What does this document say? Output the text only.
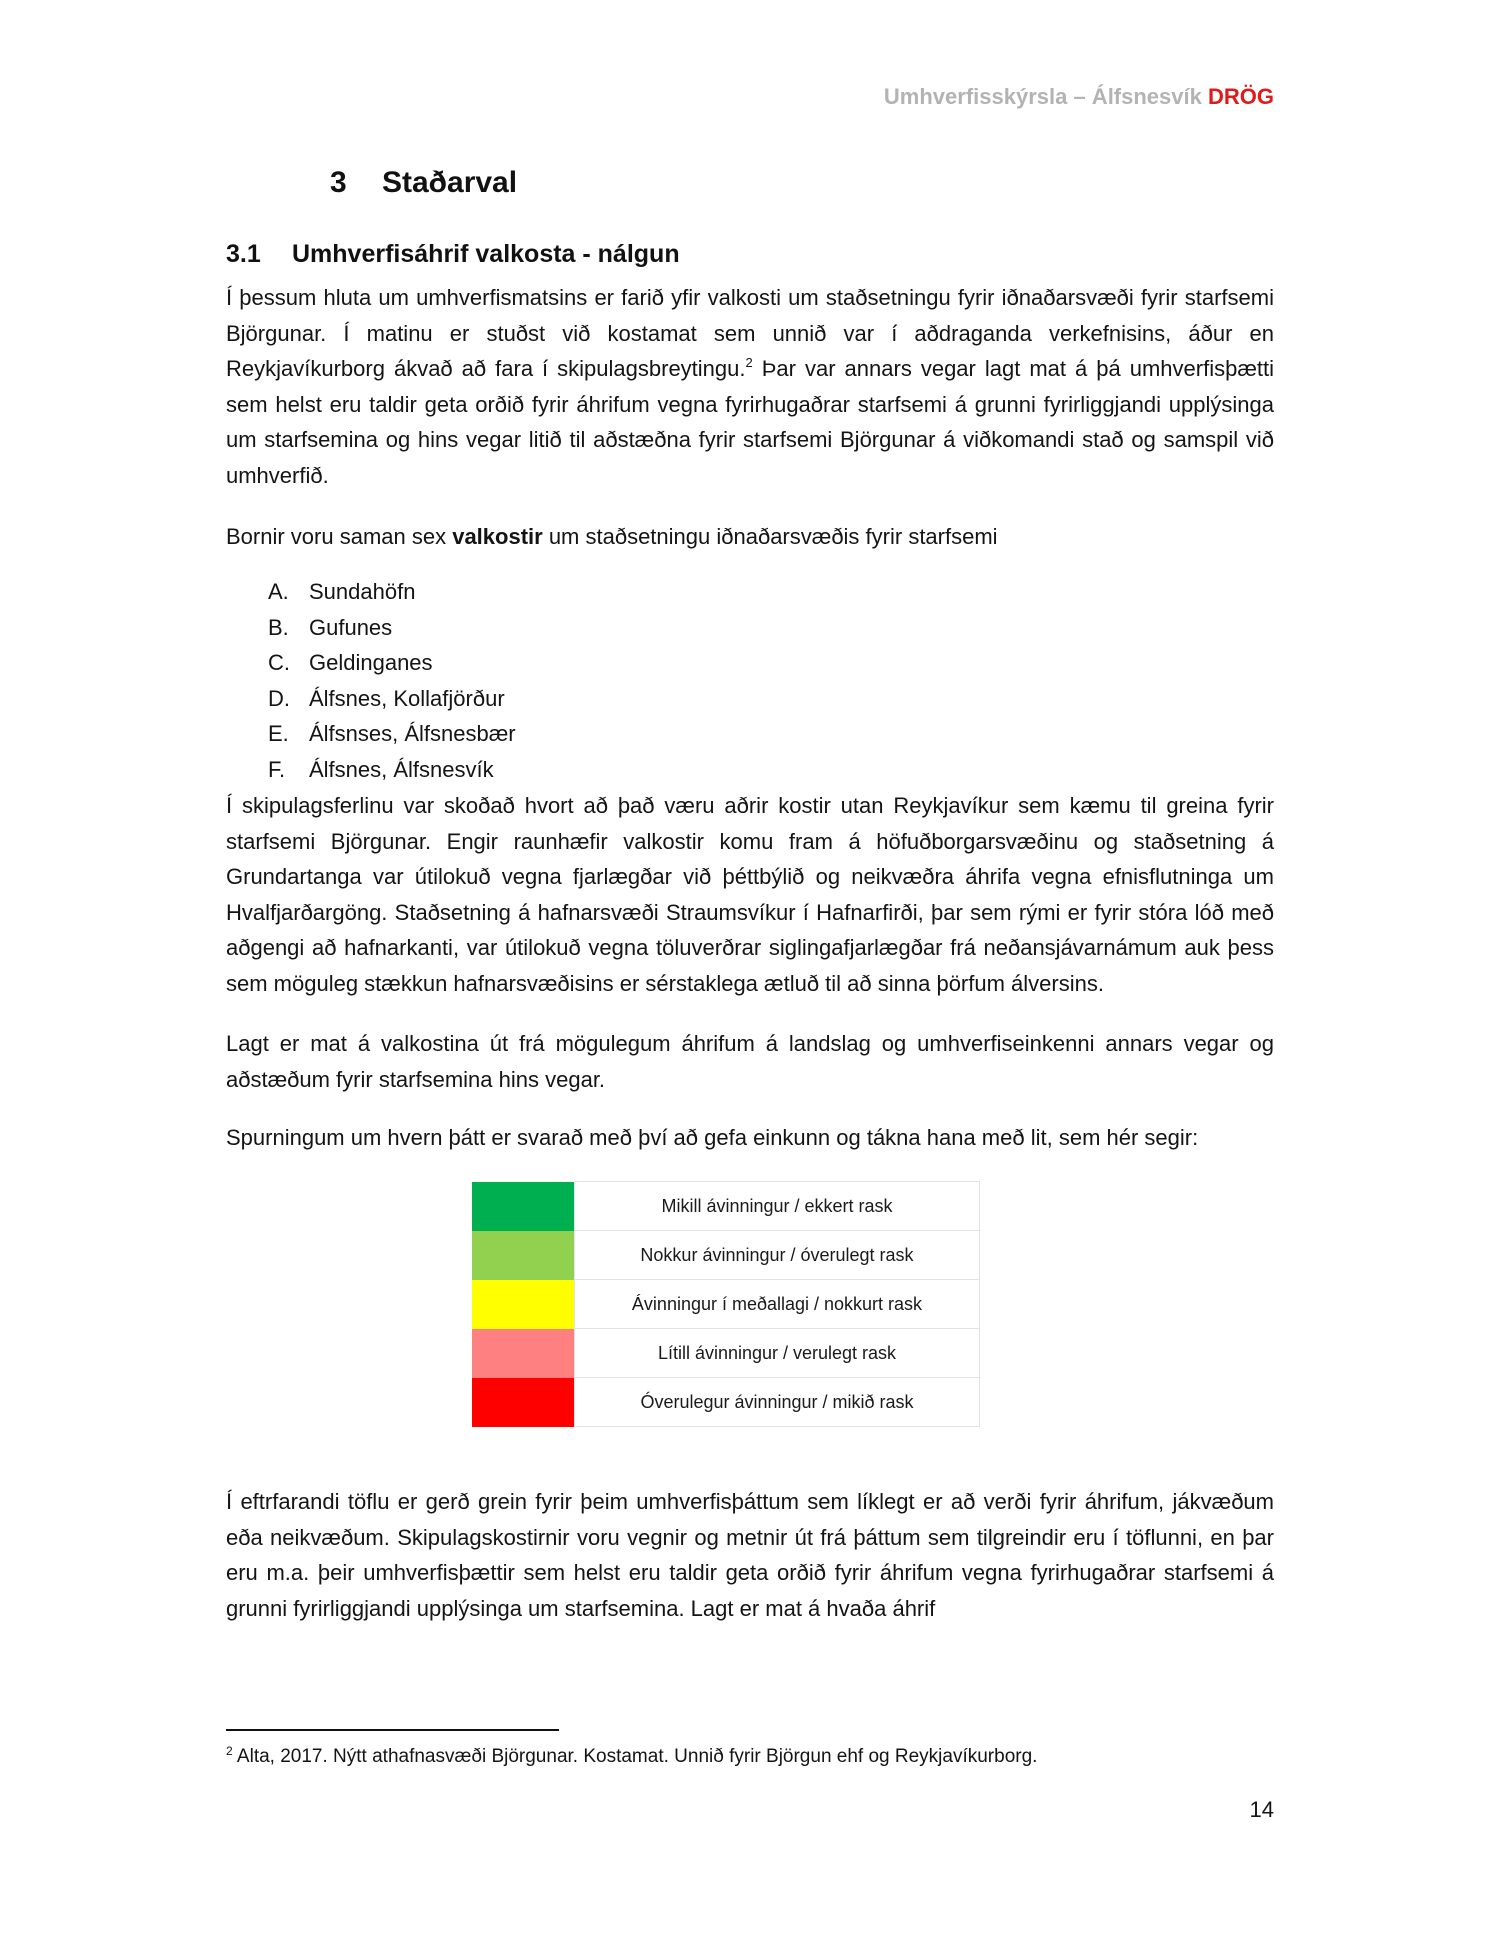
Umhverfisskýrsla – Álfsnesvík DRÖG
3 Staðarval
3.1 Umhverfisáhrif valkosta - nálgun

Í þessum hluta um umhverfismatsins er farið yfir valkosti um staðsetningu fyrir iðnaðarsvæði fyrir starfsemi Björgunar. Í matinu er stuðst við kostamat sem unnið var í aðdraganda verkefnisins, áður en Reykjavíkurborg ákvað að fara í skipulagsbreytingu.$^2$ Þar var annars vegar lagt mat á þá umhverfisþætti sem helst eru taldir geta orðið fyrir áhrifum vegna fyrirhugaðrar starfsemi á grunni fyrirliggjandi upplýsinga um starfsemina og hins vegar litið til aðstæðna fyrir starfsemi Björgunar á viðkomandi stað og samspil við umhverfið.

Bornir voru saman sex valkostir um staðsetningu iðnaðarsvæðis fyrir starfsemi

A. Sundahöfn
B. Gufunes
C. Geldinganes
D. Álfsnes, Kollafjörður
E. Álfsnses, Álfsnesbær
F.	Álfsnes, Álfsnesvík

Í skipulagsferlinu var skoðað hvort að það væru aðrir kostir utan Reykjavíkur sem kæmu til greina fyrir starfsemi Björgunar. Engir raunhæfir valkostir komu fram á höfuðborgarsvæðinu og staðsetning á Grundartanga var útilokuð vegna fjarlægðar við þéttbýlið og neikvæðra áhrifa vegna efnisflutninga um Hvalfjarðargöng. Staðsetning á hafnarsvæði Straumsvíkur í Hafnarfirði, þar sem rými er fyrir stóra lóð með aðgengi að hafnarkanti, var útilokuð vegna töluverðrar siglingafjarlægðar frá neðansjávarnámum auk þess sem möguleg stækkun hafnarsvæðisins er sérstaklega ætluð til að sinna þörfum álversins.

Lagt er mat á valkostina út frá mögulegum áhrifum á landslag og umhverfiseinkenni annars vegar og aðstæðum fyrir starfsemina hins vegar.

Spurningum um hvern þátt er svarað með því að gefa einkunn og tákna hana með lit, sem hér segir:

	Mikill ávinningur / ekkert rask
	Nokkur ávinningur / óverulegt rask
	Ávinningur í meðallagi / nokkurt rask
	Lítill ávinningur / verulegt rask
	Óverulegur ávinningur / mikið rask

Í eftrfarandi töflu er gerð grein fyrir þeim umhverfisþáttum sem líklegt er að verði fyrir áhrifum, jákvæðum eða neikvæðum. Skipulagskostirnir voru vegnir og metnir út frá þáttum sem tilgreindir eru í töflunni, en þar eru m.a. þeir umhverfisþættir sem helst eru taldir geta orðið fyrir áhrifum vegna fyrirhugaðrar starfsemi á grunni fyrirliggjandi upplýsinga um starfsemina. Lagt er mat á hvaða áhrif

$^2$ Alta, 2017. Nýtt athafnasvæði Björgunar. Kostamat. Unnið fyrir Björgun ehf og Reykjavíkurborg.
14
